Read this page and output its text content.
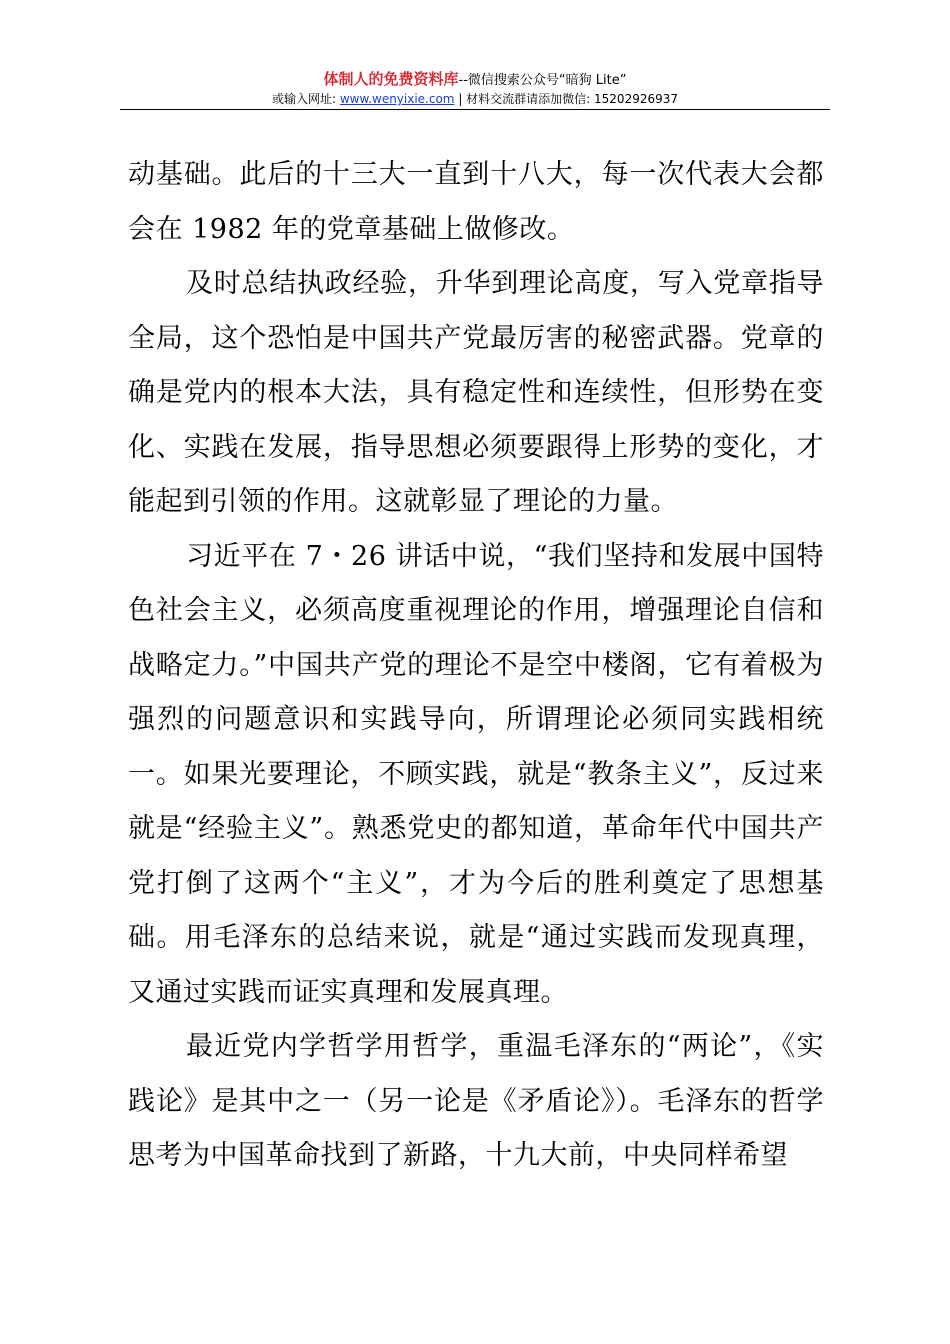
体制人的免费资料库--微信搜索公众号“暗狗 Lite”
或输入网址: www.wenyixie.com | 材料交流群请添加微信: 15202926937

动基础。此后的十三大一直到十八大，每一次代表大会都会在 1982 年的党章基础上做修改。

及时总结执政经验，升华到理论高度，写入党章指导全局，这个恐怕是中国共产党最厉害的秘密武器。党章的确是党内的根本大法，具有稳定性和连续性，但形势在变化、实践在发展，指导思想必须要跟得上形势的变化，才能起到引领的作用。这就彰显了理论的力量。

习近平在 7・26 讲话中说，“我们坚持和发展中国特色社会主义，必须高度重视理论的作用，增强理论自信和战略定力。”中国共产党的理论不是空中楼阁，它有着极为强烈的问题意识和实践导向，所谓理论必须同实践相统一。如果光要理论，不顾实践，就是“教条主义”，反过来就是“经验主义”。熟悉党史的都知道，革命年代中国共产党打倒了这两个“主义”，才为今后的胜利奠定了思想基础。用毛泽东的总结来说，就是“通过实践而发现真理，又通过实践而证实真理和发展真理。

最近党内学哲学用哲学，重温毛泽东的“两论”，《实践论》是其中之一（另一论是《矛盾论》）。毛泽东的哲学思考为中国革命找到了新路，十九大前，中央同样希望
